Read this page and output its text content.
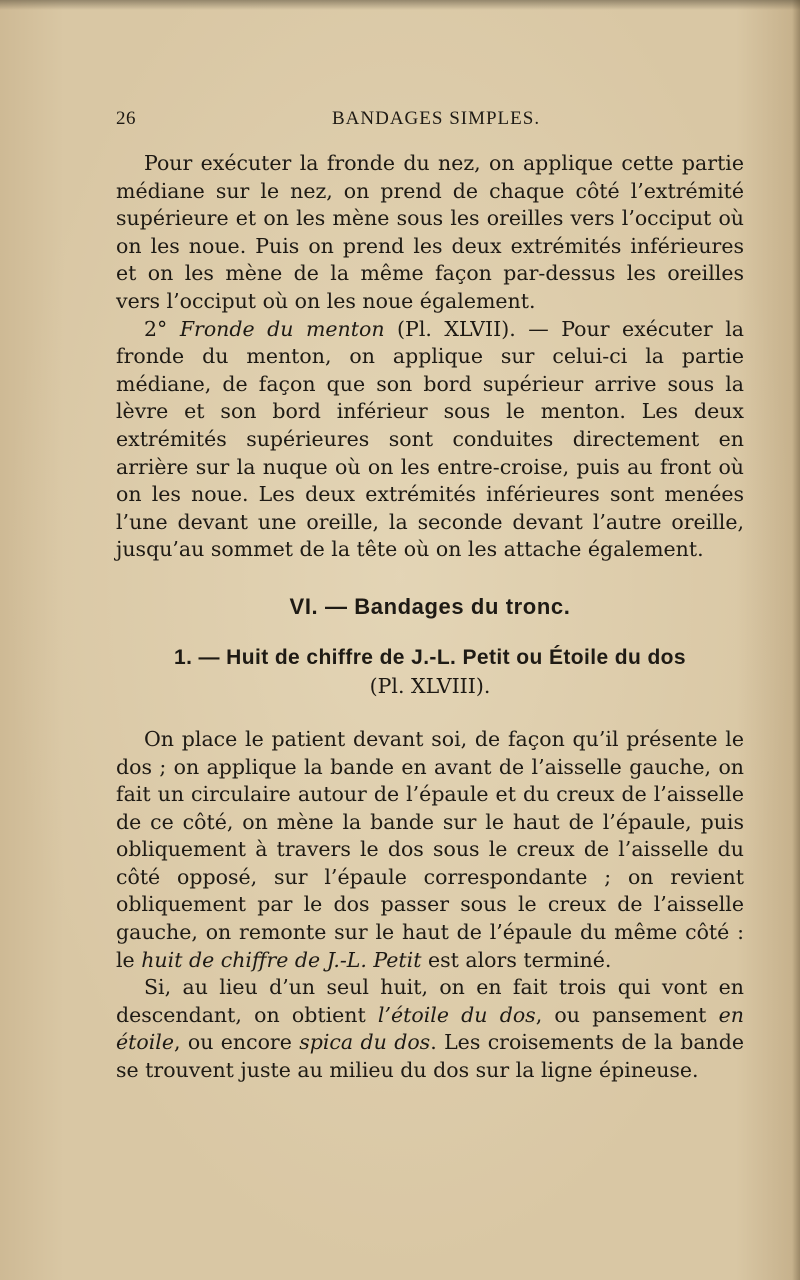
26	BANDAGES SIMPLES.

Pour exécuter la fronde du nez, on applique cette partie médiane sur le nez, on prend de chaque côté l’extrémité supérieure et on les mène sous les oreilles vers l’occiput où on les noue. Puis on prend les deux extrémités inférieures et on les mène de la même façon par-dessus les oreilles vers l’occiput où on les noue également.

2° Fronde du menton (Pl. XLVII). — Pour exécuter la fronde du menton, on applique sur celui-ci la partie médiane, de façon que son bord supérieur arrive sous la lèvre et son bord inférieur sous le menton. Les deux extrémités supérieures sont conduites directement en arrière sur la nuque où on les entre-croise, puis au front où on les noue. Les deux extrémités inférieures sont menées l’une devant une oreille, la seconde devant l’autre oreille, jusqu’au sommet de la tête où on les attache également.

VI. — Bandages du tronc.
1. — Huit de chiffre de J.-L. Petit ou Étoile du dos
(Pl. XLVIII).

On place le patient devant soi, de façon qu’il présente le dos ; on applique la bande en avant de l’aisselle gauche, on fait un circulaire autour de l’épaule et du creux de l’aisselle de ce côté, on mène la bande sur le haut de l’épaule, puis obliquement à travers le dos sous le creux de l’aisselle du côté opposé, sur l’épaule correspondante ; on revient obliquement par le dos passer sous le creux de l’aisselle gauche, on remonte sur le haut de l’épaule du même côté : le huit de chiffre de J.-L. Petit est alors terminé.

Si, au lieu d’un seul huit, on en fait trois qui vont en descendant, on obtient l’étoile du dos, ou pansement en étoile, ou encore spica du dos. Les croisements de la bande se trouvent juste au milieu du dos sur la ligne épineuse.
